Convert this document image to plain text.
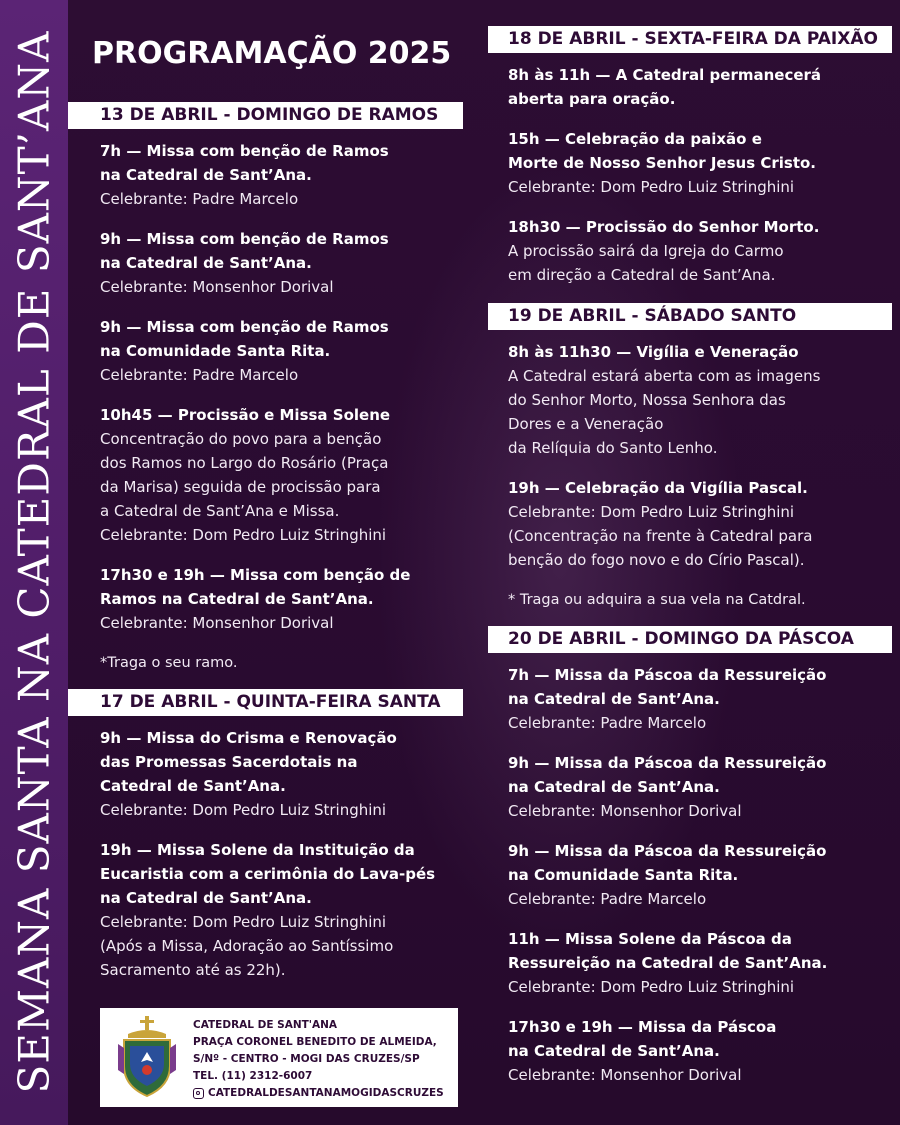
SEMANA SANTA NA CATEDRAL DE SANT’ANA PROGRAMAÇÃO 2025
13 DE ABRIL - DOMINGO DE RAMOS
7h — Missa com benção de Ramos
na Catedral de Sant’Ana.
Celebrante: Padre Marcelo
9h — Missa com benção de Ramos
na Catedral de Sant’Ana.
Celebrante: Monsenhor Dorival
9h — Missa com benção de Ramos
na Comunidade Santa Rita.
Celebrante: Padre Marcelo
10h45 — Procissão e Missa Solene
Concentração do povo para a benção
dos Ramos no Largo do Rosário (Praça
da Marisa) seguida de procissão para
a Catedral de Sant’Ana e Missa.
Celebrante: Dom Pedro Luiz Stringhini
17h30 e 19h — Missa com benção de
Ramos na Catedral de Sant’Ana.
Celebrante: Monsenhor Dorival
*Traga o seu ramo.
17 DE ABRIL - QUINTA-FEIRA SANTA
9h — Missa do Crisma e Renovação
das Promessas Sacerdotais na
Catedral de Sant’Ana.
Celebrante: Dom Pedro Luiz Stringhini
19h — Missa Solene da Instituição da
Eucaristia com a cerimônia do Lava-pés
na Catedral de Sant’Ana.
Celebrante: Dom Pedro Luiz Stringhini
(Após a Missa, Adoração ao Santíssimo
Sacramento até as 22h).
18 DE ABRIL - SEXTA-FEIRA DA PAIXÃO
8h às 11h — A Catedral permanecerá
aberta para oração.
15h — Celebração da paixão e
Morte de Nosso Senhor Jesus Cristo.
Celebrante: Dom Pedro Luiz Stringhini
18h30 — Procissão do Senhor Morto.
A procissão sairá da Igreja do Carmo
em direção a Catedral de Sant’Ana.
19 DE ABRIL - SÁBADO SANTO
8h às 11h30 — Vigília e Veneração
A Catedral estará aberta com as imagens
do Senhor Morto, Nossa Senhora das
Dores e a Veneração
da Relíquia do Santo Lenho.
19h — Celebração da Vigília Pascal.
Celebrante: Dom Pedro Luiz Stringhini
(Concentração na frente à Catedral para
benção do fogo novo e do Círio Pascal).
* Traga ou adquira a sua vela na Catdral.
20 DE ABRIL - DOMINGO DA PÁSCOA
7h — Missa da Páscoa da Ressureição
na Catedral de Sant’Ana.
Celebrante: Padre Marcelo
9h — Missa da Páscoa da Ressureição
na Catedral de Sant’Ana.
Celebrante: Monsenhor Dorival
9h — Missa da Páscoa da Ressureição
na Comunidade Santa Rita.
Celebrante: Padre Marcelo
11h — Missa Solene da Páscoa da
Ressureição na Catedral de Sant’Ana.
Celebrante: Dom Pedro Luiz Stringhini
17h30 e 19h — Missa da Páscoa
na Catedral de Sant’Ana.
Celebrante: Monsenhor Dorival
CATEDRAL DE SANT'ANA
PRAÇA CORONEL BENEDITO DE ALMEIDA,
S/Nº - CENTRO - MOGI DAS CRUZES/SP
TEL. (11) 2312-6007
CATEDRALDESANTANAMOGIDASCRUZES
